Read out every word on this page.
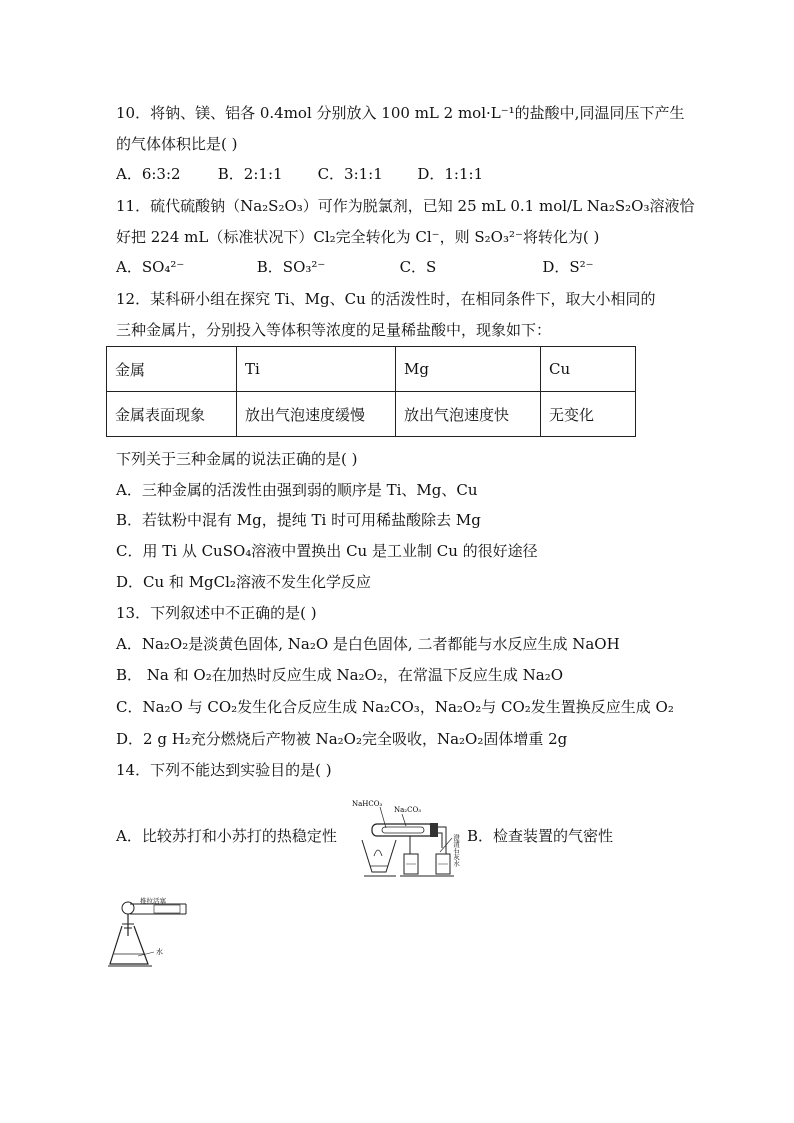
10．将钠、镁、铝各 0.4mol 分别放入 100 mL 2 mol·L⁻¹的盐酸中,同温同压下产生
的气体体积比是( )
A．6:3:2 B．2:1:1 C．3:1:1 D．1:1:1
11．硫代硫酸钠（Na₂S₂O₃）可作为脱氯剂，已知 25 mL 0.1 mol/L Na₂S₂O₃溶液恰
好把 224 mL（标准状况下）Cl₂完全转化为 Cl⁻，则 S₂O₃²⁻将转化为( )
A．SO₄²⁻	B．SO₃²⁻	C．S	D．S²⁻
12．某科研小组在探究 Ti、Mg、Cu 的活泼性时，在相同条件下，取大小相同的
三种金属片，分别投入等体积等浓度的足量稀盐酸中，现象如下：
金属	Ti	Mg	Cu
金属表面现象	放出气泡速度缓慢	放出气泡速度快	无变化
下列关于三种金属的说法正确的是( )
A．三种金属的活泼性由强到弱的顺序是 Ti、Mg、Cu
B．若钛粉中混有 Mg，提纯 Ti 时可用稀盐酸除去 Mg
C．用 Ti 从 CuSO₄溶液中置换出 Cu 是工业制 Cu 的很好途径
D．Cu 和 MgCl₂溶液不发生化学反应
13．下列叙述中不正确的是( )
A．Na₂O₂是淡黄色固体, Na₂O 是白色固体, 二者都能与水反应生成 NaOH
B． Na 和 O₂在加热时反应生成 Na₂O₂，在常温下反应生成 Na₂O
C．Na₂O 与 CO₂发生化合反应生成 Na₂CO₃，Na₂O₂与 CO₂发生置换反应生成 O₂
D．2 g H₂充分燃烧后产物被 Na₂O₂完全吸收，Na₂O₂固体增重 2g
14．下列不能达到实验目的是( )
A．比较苏打和小苏打的热稳定性	B．检查装置的气密性
NaHCO₃
Na₂CO₃
澄清石灰水
推拉活塞
水
